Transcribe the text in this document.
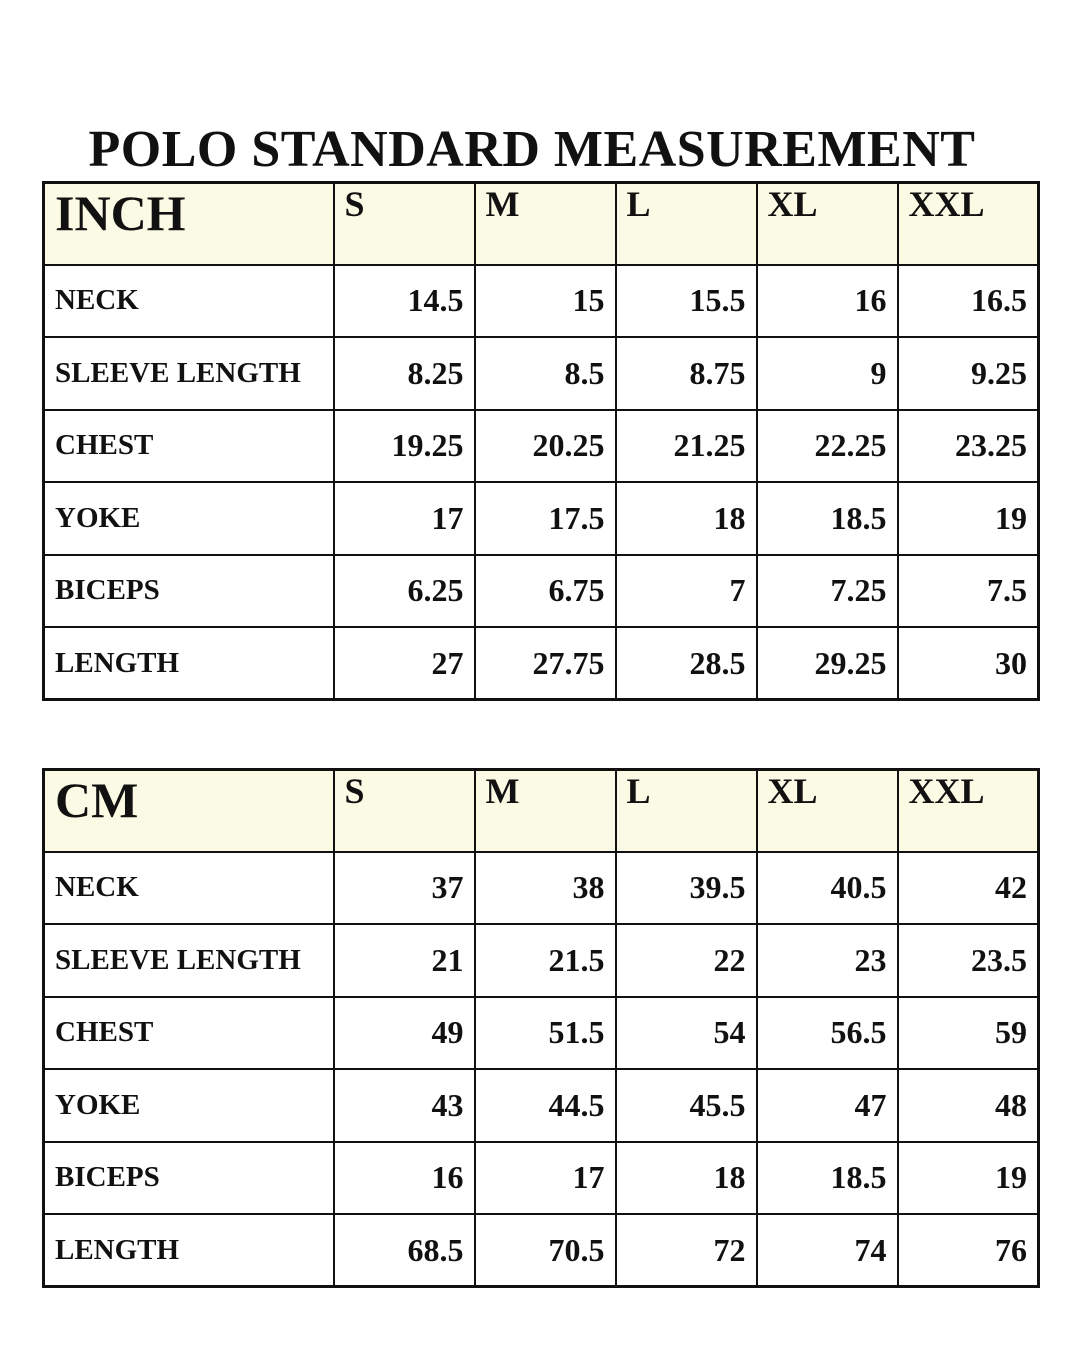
POLO STANDARD MEASUREMENT
INCH	S	M	L	XL	XXL
NECK	14.5	15	15.5	16	16.5
SLEEVE LENGTH	8.25	8.5	8.75	9	9.25
CHEST	19.25	20.25	21.25	22.25	23.25
YOKE	17	17.5	18	18.5	19
BICEPS	6.25	6.75	7	7.25	7.5
LENGTH	27	27.75	28.5	29.25	30
CM	S	M	L	XL	XXL
NECK	37	38	39.5	40.5	42
SLEEVE LENGTH	21	21.5	22	23	23.5
CHEST	49	51.5	54	56.5	59
YOKE	43	44.5	45.5	47	48
BICEPS	16	17	18	18.5	19
LENGTH	68.5	70.5	72	74	76
